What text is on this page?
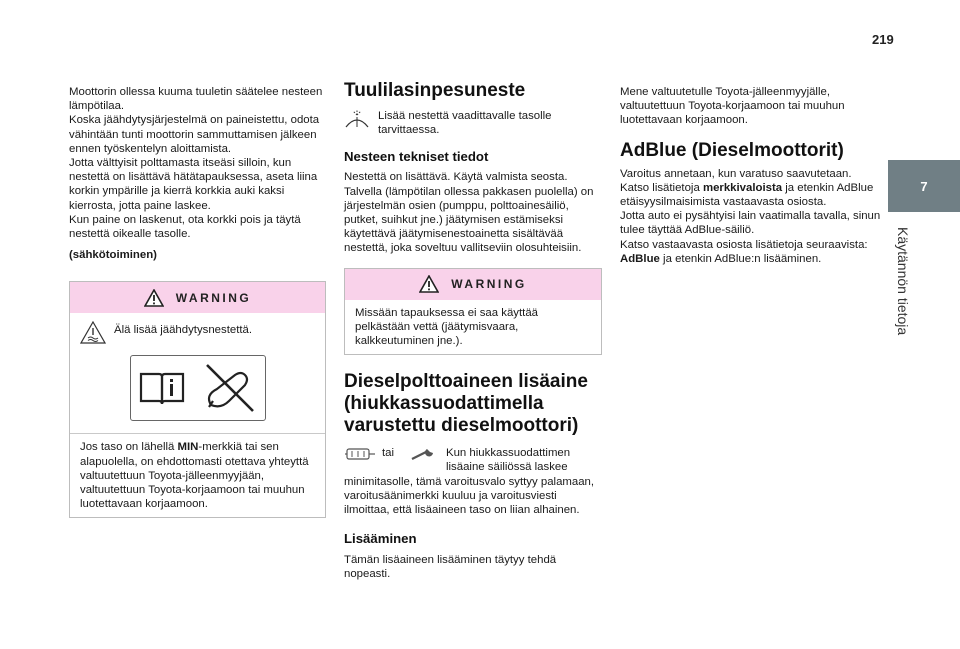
219
7
Käytännön tietoja

Moottorin ollessa kuuma tuuletin säätelee nesteen lämpötilaa.
Koska jäähdytysjärjestelmä on paineistettu, odota vähintään tunti moottorin sammuttamisen jälkeen ennen työskentelyn aloittamista.
Jotta välttyisit polttamasta itseäsi silloin, kun nestettä on lisättävä hätätapauksessa, aseta liina korkin ympärille ja kierrä korkkia auki kaksi kierrosta, jotta paine laskee.
Kun paine on laskenut, ota korkki pois ja täytä nestettä oikealle tasolle.

(sähkötoiminen)

WARNING
Älä lisää jäähdytysnestettä.

Jos taso on lähellä MIN-merkkiä tai sen alapuolella, on ehdottomasti otettava yhteyttä valtuutettuun Toyota-jälleenmyyjään, valtuutettuun Toyota-korjaamoon tai muuhun luotettavaan korjaamoon.

Tuulilasinpesuneste
Lisää nestettä vaadittavalle tasolle tarvittaessa.
Nesteen tekniset tiedot

Nestettä on lisättävä. Käytä valmista seosta.
Talvella (lämpötilan ollessa pakkasen puolella) on järjestelmän osien (pumppu, polttoainesäiliö, putket, suihkut jne.) jäätymisen estämiseksi käytettävä jäätymisenestoainetta sisältävää nestettä, joka soveltuu vallitseviin olosuhteisiin.

WARNING

Missään tapauksessa ei saa käyttää pelkästään vettä (jäätymisvaara, kalkkeutuminen jne.).

Dieselpolttoaineen lisäaine (hiukkassuodattimella varustettu dieselmoottori)
tai	Kun hiukkassuodattimen lisäaine säiliössä laskee

minimitasolle, tämä varoitusvalo syttyy palamaan, varoitusäänimerkki kuuluu ja varoitusviesti ilmoittaa, että lisäaineen taso on liian alhainen.

Lisääminen

Tämän lisäaineen lisääminen täytyy tehdä nopeasti.

Mene valtuutetulle Toyota-jälleenmyyjälle, valtuutettuun Toyota-korjaamoon tai muuhun luotettavaan korjaamoon.

AdBlue (Dieselmoottorit)

Varoitus annetaan, kun varatuso saavutetaan. Katso lisätietoja merkkivaloista ja etenkin AdBlue etäisyysilmaisimista vastaavasta osiosta.
Jotta auto ei pysähtyisi lain vaatimalla tavalla, sinun tulee täyttää AdBlue-säiliö.
Katso vastaavasta osiosta lisätietoja seuraavista: AdBlue ja etenkin AdBlue:n lisääminen.
